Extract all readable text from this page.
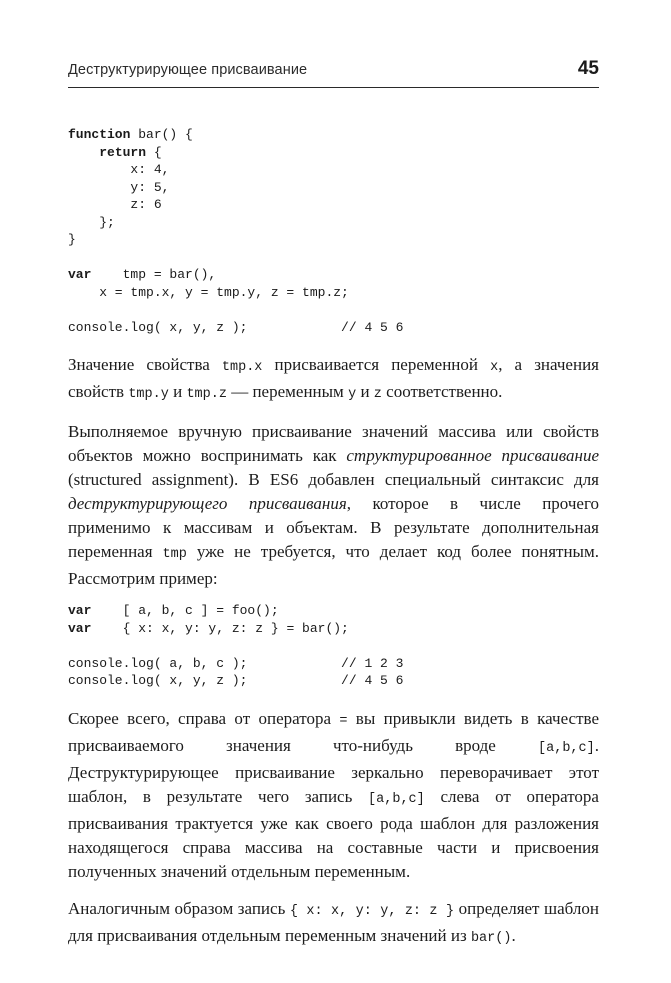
Деструктурирующее присваивание	45
function bar() {
return {
x: 4,
y: 5,
z: 6
};
}

var    tmp = bar(),
x = tmp.x, y = tmp.y, z = tmp.z;

console.log( x, y, z );            // 4 5 6

Значение свойства tmp.x присваивается переменной x, а значения свойств tmp.y и tmp.z — переменным y и z соответственно.

Выполняемое вручную присваивание значений массива или свойств объектов можно воспринимать как структурированное присваивание (structured assignment). В ES6 добавлен специальный синтаксис для деструктурирующего присваивания, которое в числе прочего применимо к массивам и объектам. В результате дополнительная переменная tmp уже не требуется, что делает код более понятным. Рассмотрим пример:

var    [ a, b, c ] = foo();
var    { x: x, y: y, z: z } = bar();

console.log( a, b, c );            // 1 2 3
console.log( x, y, z );            // 4 5 6

Скорее всего, справа от оператора = вы привыкли видеть в качестве присваиваемого значения что-нибудь вроде [a,b,c]. Деструктурирующее присваивание зеркально переворачивает этот шаблон, в результате чего запись [a,b,c] слева от оператора присваивания трактуется уже как своего рода шаблон для разложения находящегося справа массива на составные части и присвоения полученных значений отдельным переменным.

Аналогичным образом запись { x: x, y: y, z: z } определяет шаблон для присваивания отдельным переменным значений из bar().
